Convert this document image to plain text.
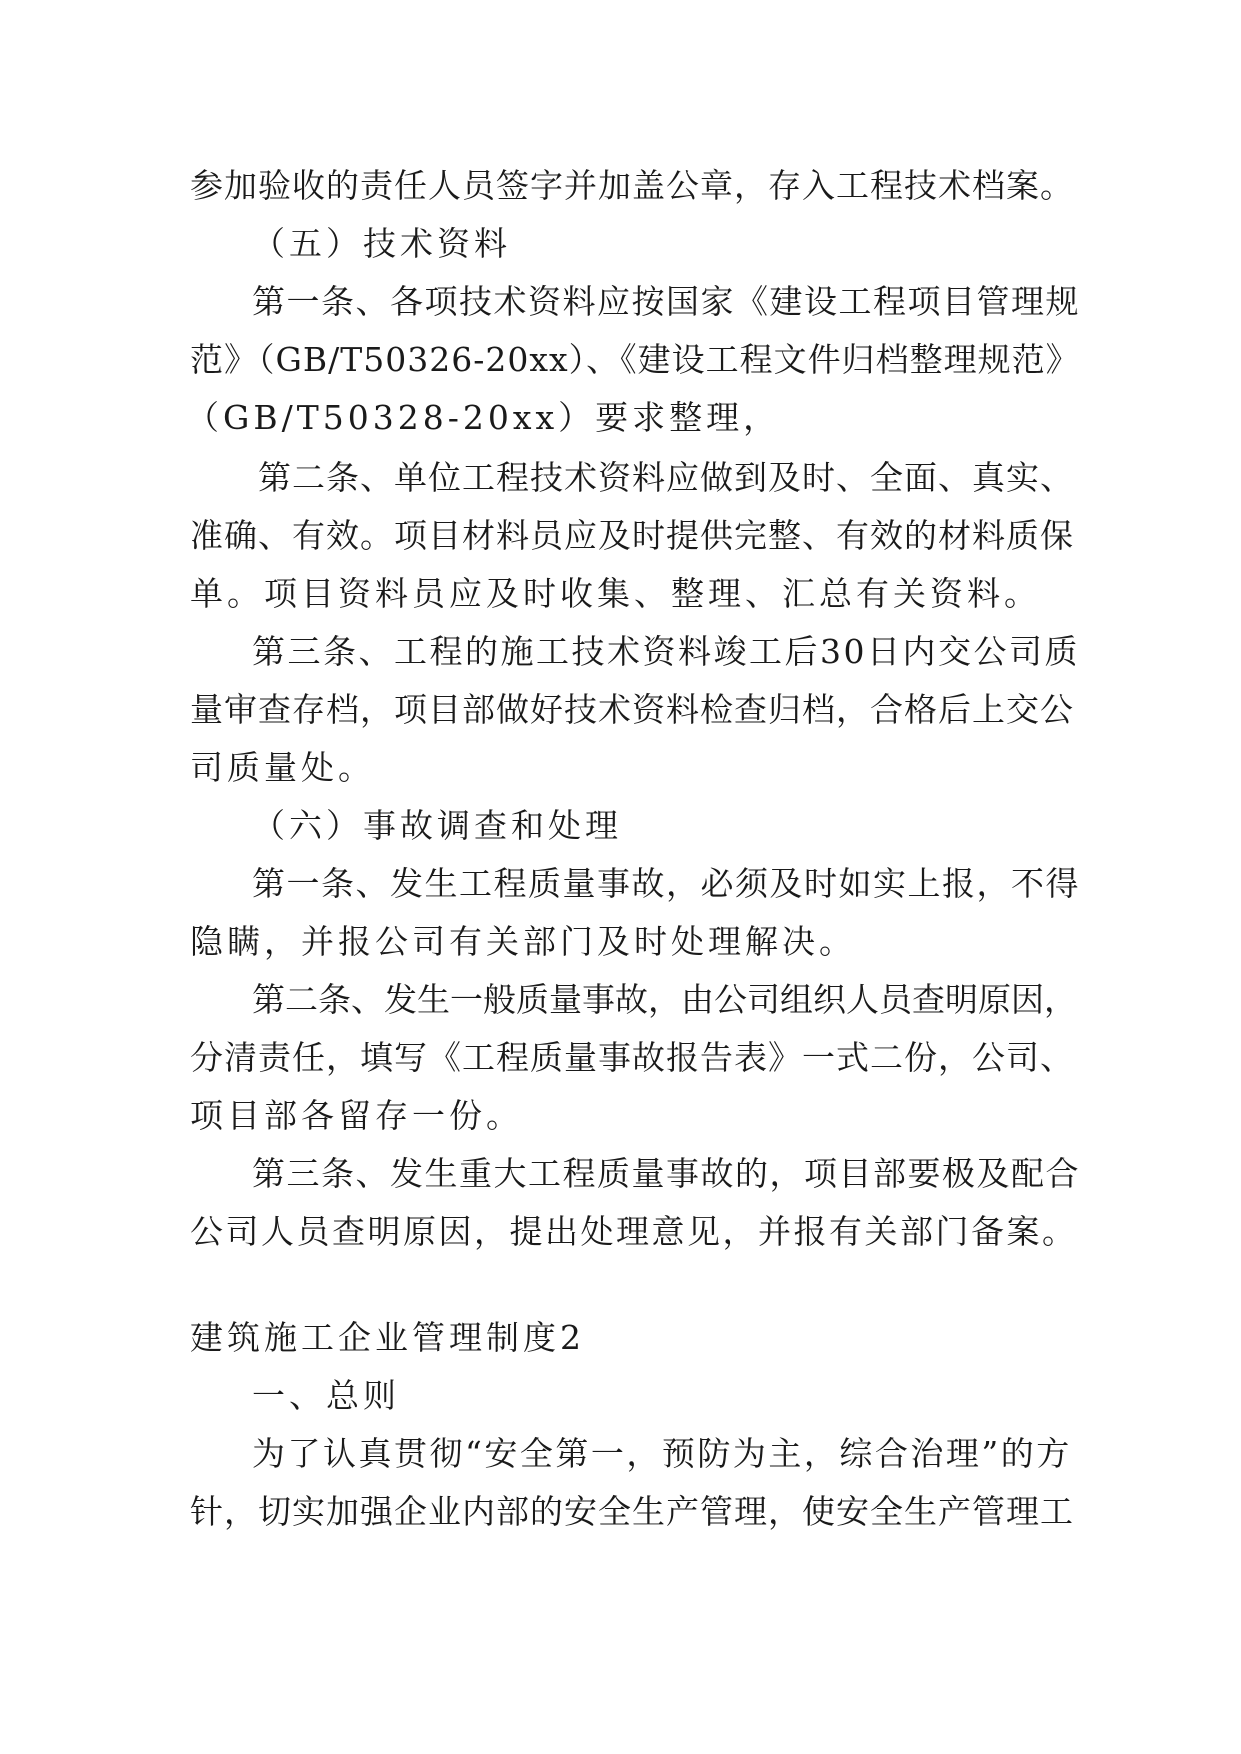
参加验收的责任人员签字并加盖公章，存入工程技术档案。
（五）技术资料
第一条、各项技术资料应按国家《建设工程项目管理规
范》（GB/T50326-20xx）、《建设工程文件归档整理规范》
（GB/T50328-20xx）要求整理，
第二条、单位工程技术资料应做到及时、全面、真实、
准确、有效。项目材料员应及时提供完整、有效的材料质保
单。项目资料员应及时收集、整理、汇总有关资料。
第三条、工程的施工技术资料竣工后30日内交公司质
量审查存档，项目部做好技术资料检查归档，合格后上交公
司质量处。
（六）事故调查和处理
第一条、发生工程质量事故，必须及时如实上报，不得
隐瞒，并报公司有关部门及时处理解决。
第二条、发生一般质量事故，由公司组织人员查明原因，
分清责任，填写《工程质量事故报告表》一式二份，公司、
项目部各留存一份。
第三条、发生重大工程质量事故的，项目部要极及配合
公司人员查明原因，提出处理意见，并报有关部门备案。
建筑施工企业管理制度2
一、总则
为了认真贯彻“安全第一，预防为主，综合治理”的方
针，切实加强企业内部的安全生产管理，使安全生产管理工
